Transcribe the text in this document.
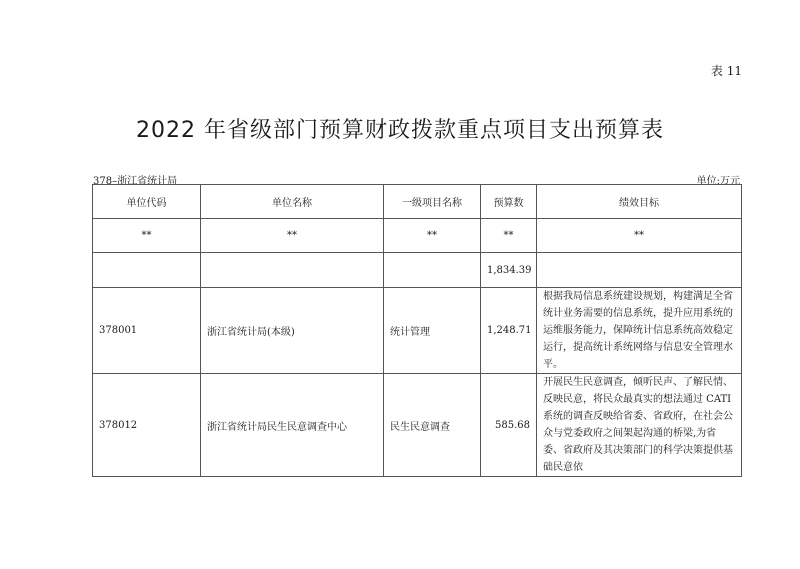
表 11
2022 年省级部门预算财政拨款重点项目支出预算表
378–浙江省统计局	单位:万元
单位代码	单位名称	一级项目名称	预算数	绩效目标
**	**	**	**	**
			1,834.39	
378001	浙江省统计局(本级)	统计管理	1,248.71	根据我局信息系统建设规划，构建满足全省统计业务需要的信息系统，提升应用系统的运维服务能力，保障统计信息系统高效稳定运行，提高统计系统网络与信息安全管理水平。
378012	浙江省统计局民生民意调查中心	民生民意调查	585.68	开展民生民意调查，倾听民声、了解民情、反映民意，将民众最真实的想法通过 CATI 系统的调查反映给省委、省政府，在社会公众与党委政府之间架起沟通的桥梁,为省委、省政府及其决策部门的科学决策提供基础民意依
